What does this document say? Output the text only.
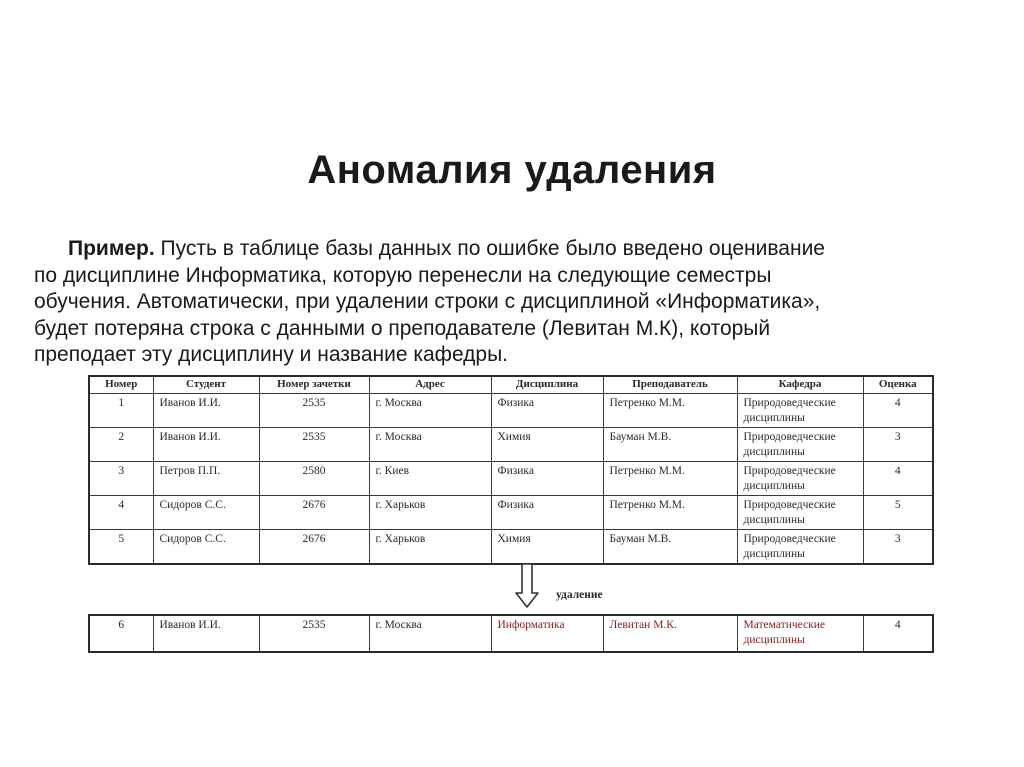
Аномалия удаления
Пример. Пусть в таблице базы данных по ошибке было введено оценивание
по дисциплине Информатика, которую перенесли на следующие семестры
обучения. Автоматически, при удалении строки с дисциплиной «Информатика»,
будет потеряна строка с данными о преподавателе (Левитан М.К), который
преподает эту дисциплину и название кафедры.
Номер	Студент	Номер зачетки	Адрес	Дисциплина	Преподаватель	Кафедра	Оценка
1	Иванов И.И.	2535	г. Москва	Физика	Петренко М.М.	Природоведческие дисциплины	4
2	Иванов И.И.	2535	г. Москва	Химия	Бауман М.В.	Природоведческие дисциплины	3
3	Петров П.П.	2580	г. Киев	Физика	Петренко М.М.	Природоведческие дисциплины	4
4	Сидоров С.С.	2676	г. Харьков	Физика	Петренко М.М.	Природоведческие дисциплины	5
5	Сидоров С.С.	2676	г. Харьков	Химия	Бауман М.В.	Природоведческие дисциплины	3
удаление
6	Иванов И.И.	2535	г. Москва	Информатика	Левитан М.К.	Математические дисциплины	4
